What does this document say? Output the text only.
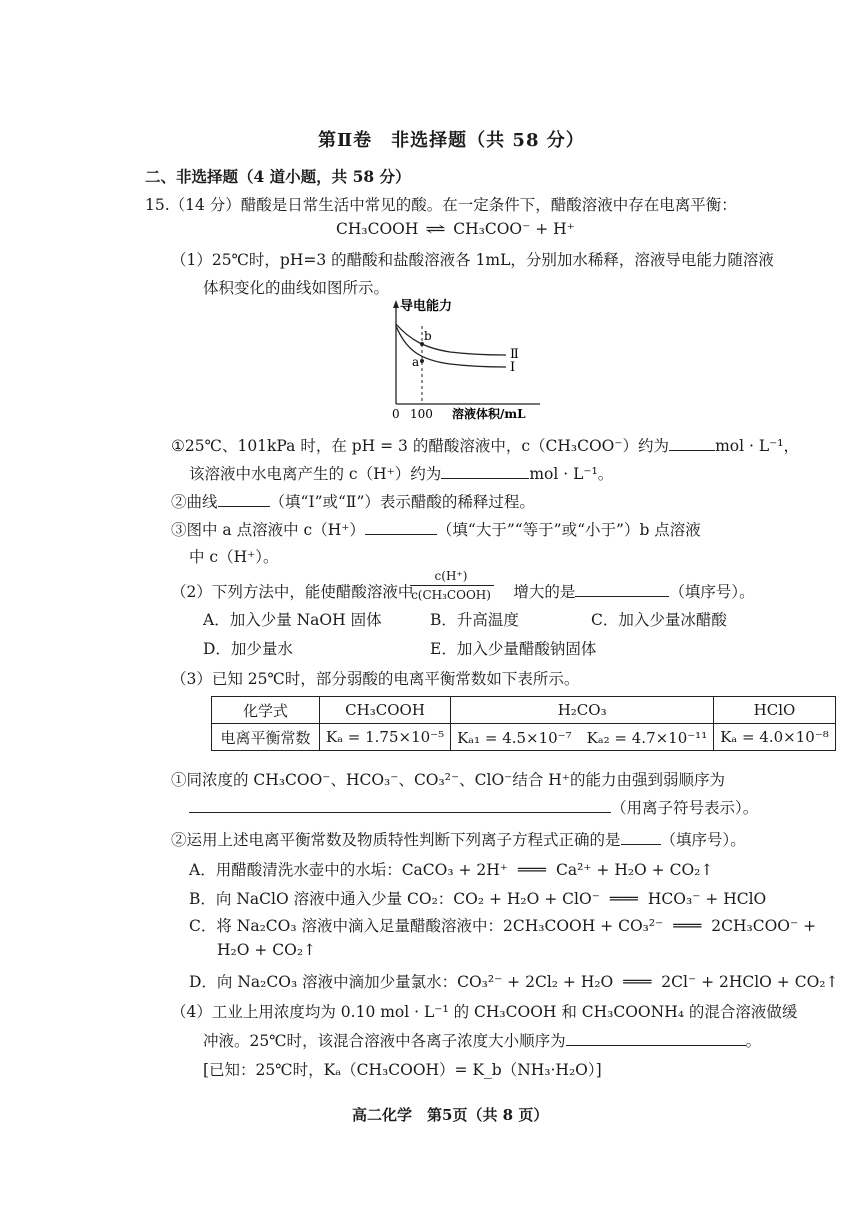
第Ⅱ卷　非选择题（共 58 分）
二、非选择题（4 道小题，共 58 分）
15.（14 分）醋酸是日常生活中常见的酸。在一定条件下，醋酸溶液中存在电离平衡：
CH₃COOH ⇌ CH₃COO⁻ + H⁺
（1）25℃时，pH=3 的醋酸和盐酸溶液各 1mL，分别加水稀释，溶液导电能力随溶液
体积变化的曲线如图所示。
导电能力
b
a	Ⅱ
Ⅰ
0 100 溶液体积/mL
①25℃、101kPa 时，在 pH = 3 的醋酸溶液中，c（CH₃COO⁻）约为	mol · L⁻¹，
该溶液中水电离产生的 c（H⁺）约为	mol · L⁻¹。
②曲线	（填“Ⅰ”或“Ⅱ”）表示醋酸的稀释过程。
③图中 a 点溶液中 c（H⁺）	（填“大于”“等于”或“小于”）b 点溶液
中 c（H⁺）。
（2）下列方法中，能使醋酸溶液中	增大的是	（填序号）。
c(H⁺)
c(CH₃COOH)
A．加入少量 NaOH 固体	B．升高温度	C．加入少量冰醋酸
D．加少量水	E．加入少量醋酸钠固体
（3）已知 25℃时，部分弱酸的电离平衡常数如下表所示。
化学式	CH₃COOH	H₂CO₃	HClO
电离平衡常数	Kₐ = 1.75×10⁻⁵	Kₐ₁ = 4.5×10⁻⁷　Kₐ₂ = 4.7×10⁻¹¹	Kₐ = 4.0×10⁻⁸
①同浓度的 CH₃COO⁻、HCO₃⁻、CO₃²⁻、ClO⁻结合 H⁺的能力由强到弱顺序为
（用离子符号表示）。
②运用上述电离平衡常数及物质特性判断下列离子方程式正确的是	（填序号）。
A．用醋酸清洗水壶中的水垢：CaCO₃ + 2H⁺ ═══ Ca²⁺ + H₂O + CO₂↑
B．向 NaClO 溶液中通入少量 CO₂：CO₂ + H₂O + ClO⁻ ═══ HCO₃⁻ + HClO
C．将 Na₂CO₃ 溶液中滴入足量醋酸溶液中：2CH₃COOH + CO₃²⁻ ═══ 2CH₃COO⁻ +
H₂O + CO₂↑
D．向 Na₂CO₃ 溶液中滴加少量氯水：CO₃²⁻ + 2Cl₂ + H₂O ═══ 2Cl⁻ + 2HClO + CO₂↑
（4）工业上用浓度均为 0.10 mol · L⁻¹ 的 CH₃COOH 和 CH₃COONH₄ 的混合溶液做缓
冲液。25℃时，该混合溶液中各离子浓度大小顺序为	。
[已知：25℃时，Kₐ（CH₃COOH）= K_b（NH₃·H₂O）]
高二化学　第5页（共 8 页）
